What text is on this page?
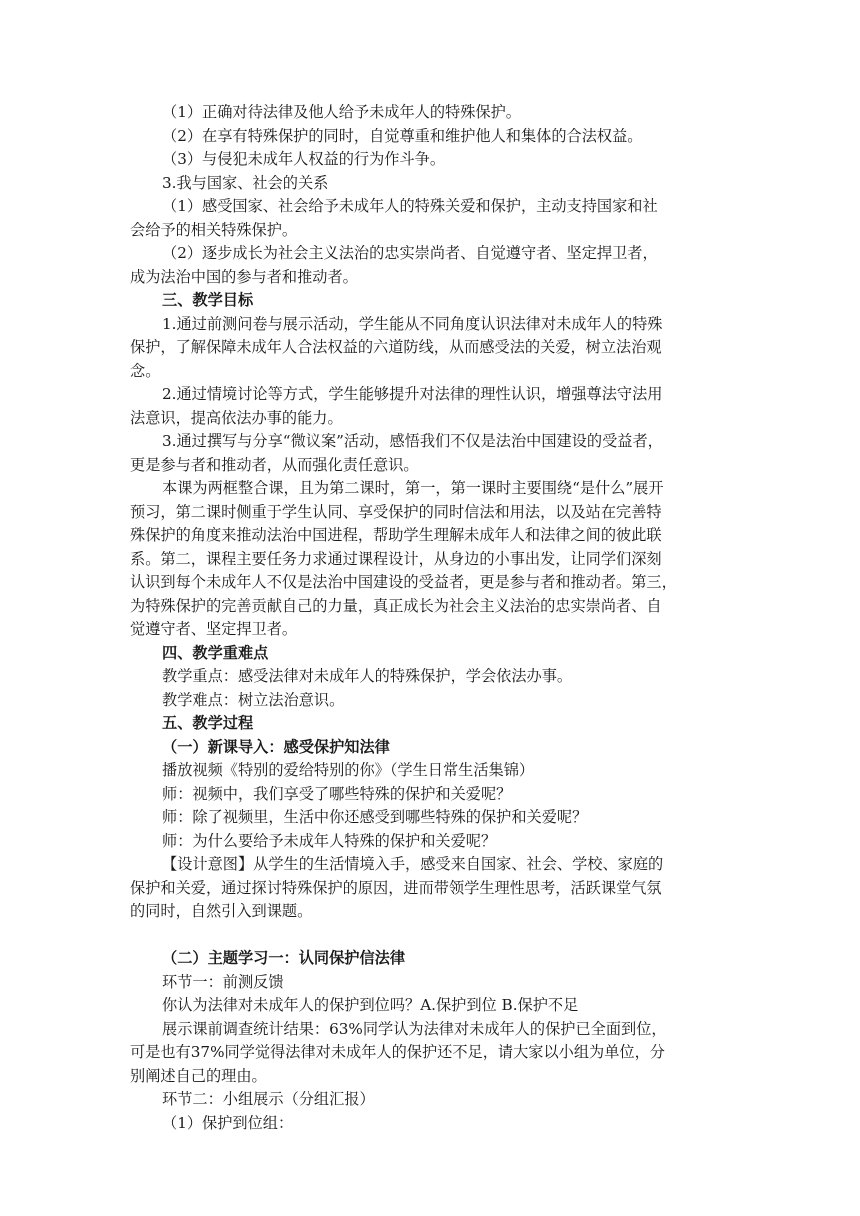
（1）正确对待法律及他人给予未成年人的特殊保护。
（2）在享有特殊保护的同时，自觉尊重和维护他人和集体的合法权益。
（3）与侵犯未成年人权益的行为作斗争。
3.我与国家、社会的关系
（1）感受国家、社会给予未成年人的特殊关爱和保护，主动支持国家和社
会给予的相关特殊保护。
（2）逐步成长为社会主义法治的忠实崇尚者、自觉遵守者、坚定捍卫者，
成为法治中国的参与者和推动者。
三、教学目标
1.通过前测问卷与展示活动，学生能从不同角度认识法律对未成年人的特殊
保护，了解保障未成年人合法权益的六道防线，从而感受法的关爱，树立法治观
念。
2.通过情境讨论等方式，学生能够提升对法律的理性认识，增强尊法守法用
法意识，提高依法办事的能力。
3.通过撰写与分享“微议案”活动，感悟我们不仅是法治中国建设的受益者，
更是参与者和推动者，从而强化责任意识。
本课为两框整合课，且为第二课时，第一，第一课时主要围绕“是什么”展开
预习，第二课时侧重于学生认同、享受保护的同时信法和用法，以及站在完善特
殊保护的角度来推动法治中国进程，帮助学生理解未成年人和法律之间的彼此联
系。第二，课程主要任务力求通过课程设计，从身边的小事出发，让同学们深刻
认识到每个未成年人不仅是法治中国建设的受益者，更是参与者和推动者。第三，
为特殊保护的完善贡献自己的力量，真正成长为社会主义法治的忠实崇尚者、自
觉遵守者、坚定捍卫者。
四、教学重难点
教学重点：感受法律对未成年人的特殊保护，学会依法办事。
教学难点：树立法治意识。
五、教学过程
（一）新课导入：感受保护知法律
播放视频《特别的爱给特别的你》（学生日常生活集锦）
师：视频中，我们享受了哪些特殊的保护和关爱呢？
师：除了视频里，生活中你还感受到哪些特殊的保护和关爱呢？
师：为什么要给予未成年人特殊的保护和关爱呢？
【设计意图】从学生的生活情境入手，感受来自国家、社会、学校、家庭的
保护和关爱，通过探讨特殊保护的原因，进而带领学生理性思考，活跃课堂气氛
的同时，自然引入到课题。
（二）主题学习一：认同保护信法律
环节一：前测反馈
你认为法律对未成年人的保护到位吗？A.保护到位 B.保护不足
展示课前调查统计结果：63%同学认为法律对未成年人的保护已全面到位，
可是也有37%同学觉得法律对未成年人的保护还不足，请大家以小组为单位，分
别阐述自己的理由。
环节二：小组展示（分组汇报）
（1）保护到位组：
